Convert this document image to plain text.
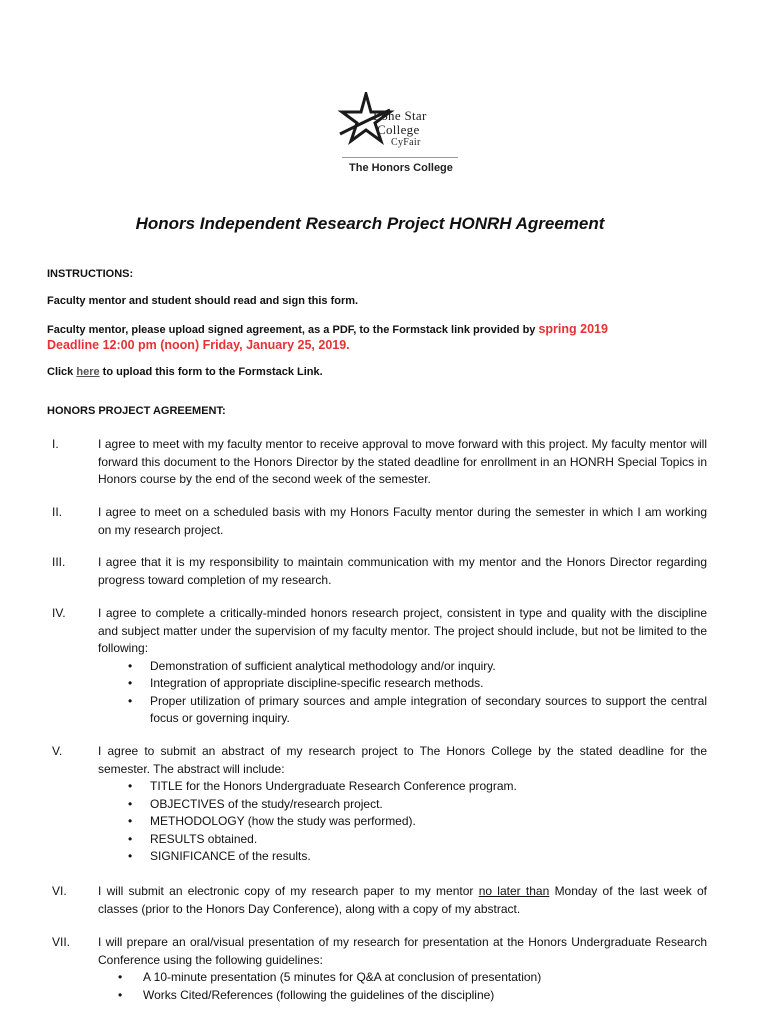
Lone Star
College
CyFair
The Honors College
Honors Independent Research Project HONRH Agreement
INSTRUCTIONS:
Faculty mentor and student should read and sign this form.
Faculty mentor, please upload signed agreement, as a PDF, to the Formstack link provided by spring 2019
Deadline 12:00 pm (noon) Friday, January 25, 2019.
Click here to upload this form to the Formstack Link.
HONORS PROJECT AGREEMENT:
I.	I agree to meet with my faculty mentor to receive approval to move forward with this project. My faculty mentor will forward this document to the Honors Director by the stated deadline for enrollment in an HONRH Special Topics in Honors course by the end of the second week of the semester.
II.	I agree to meet on a scheduled basis with my Honors Faculty mentor during the semester in which I am working on my research project.
III.	I agree that it is my responsibility to maintain communication with my mentor and the Honors Director regarding progress toward completion of my research.
IV.	I agree to complete a critically-minded honors research project, consistent in type and quality with the discipline and subject matter under the supervision of my faculty mentor. The project should include, but not be limited to the following:
• Demonstration of sufficient analytical methodology and/or inquiry.
• Integration of appropriate discipline-specific research methods.
• Proper utilization of primary sources and ample integration of secondary sources to support the central focus or governing inquiry.
V.	I agree to submit an abstract of my research project to The Honors College by the stated deadline for the semester. The abstract will include:
• TITLE for the Honors Undergraduate Research Conference program.
• OBJECTIVES of the study/research project.
• METHODOLOGY (how the study was performed).
• RESULTS obtained.
• SIGNIFICANCE of the results.
VI.	I will submit an electronic copy of my research paper to my mentor no later than Monday of the last week of classes (prior to the Honors Day Conference), along with a copy of my abstract.
VII. I will prepare an oral/visual presentation of my research for presentation at the Honors Undergraduate Research Conference using the following guidelines:
• A 10-minute presentation (5 minutes for Q&A at conclusion of presentation)
• Works Cited/References (following the guidelines of the discipline)
